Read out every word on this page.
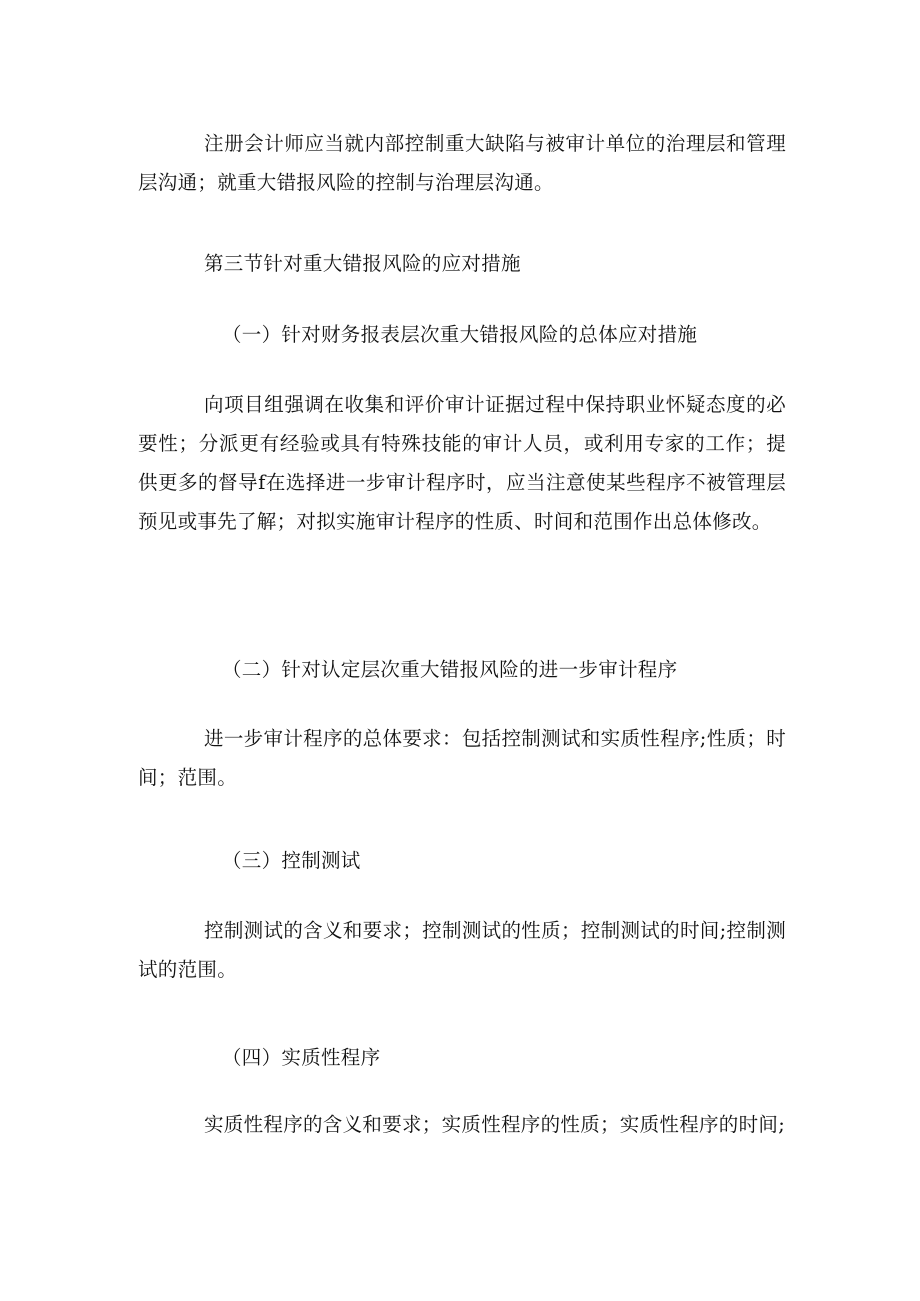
注册会计师应当就内部控制重大缺陷与被审计单位的治理层和管理层沟通；就重大错报风险的控制与治理层沟通。

第三节针对重大错报风险的应对措施

（一）针对财务报表层次重大错报风险的总体应对措施

向项目组强调在收集和评价审计证据过程中保持职业怀疑态度的必要性；分派更有经验或具有特殊技能的审计人员，或利用专家的工作；提供更多的督导f在选择进一步审计程序时，应当注意使某些程序不被管理层预见或事先了解；对拟实施审计程序的性质、时间和范围作出总体修改。

（二）针对认定层次重大错报风险的进一步审计程序

进一步审计程序的总体要求：包括控制测试和实质性程序;性质；时间；范围。

（三）控制测试

控制测试的含义和要求；控制测试的性质；控制测试的时间;控制测试的范围。

（四）实质性程序

实质性程序的含义和要求；实质性程序的性质；实质性程序的时间;
